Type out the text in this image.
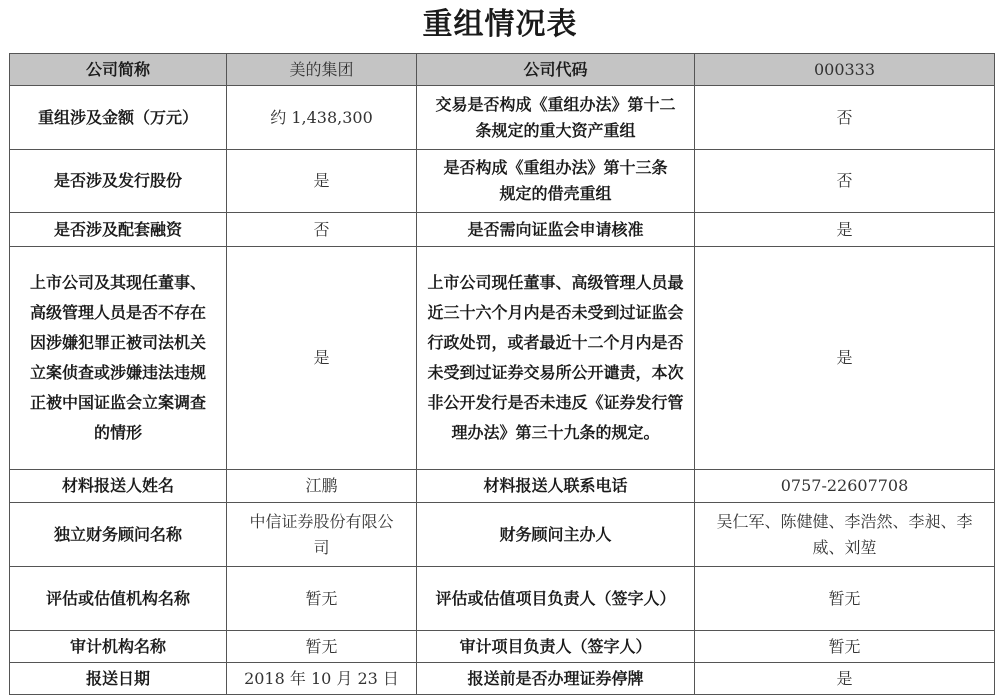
重组情况表
公司简称	美的集团	公司代码	000333
重组涉及金额（万元）	约 1,438,300	交易是否构成《重组办法》第十二条规定的重大资产重组	否
是否涉及发行股份	是	是否构成《重组办法》第十三条规定的借壳重组	否
是否涉及配套融资	否	是否需向证监会申请核准	是
上市公司及其现任董事、高级管理人员是否不存在因涉嫌犯罪正被司法机关立案侦查或涉嫌违法违规正被中国证监会立案调查的情形	是	上市公司现任董事、高级管理人员最近三十六个月内是否未受到过证监会行政处罚，或者最近十二个月内是否未受到过证券交易所公开谴责，本次非公开发行是否未违反《证券发行管理办法》第三十九条的规定。	是
材料报送人姓名	江鹏	材料报送人联系电话	0757-22607708
独立财务顾问名称	中信证券股份有限公司	财务顾问主办人	吴仁军、陈健健、李浩然、李昶、李威、刘堃
评估或估值机构名称	暂无	评估或估值项目负责人（签字人）	暂无
审计机构名称	暂无	审计项目负责人（签字人）	暂无
报送日期	2018 年 10 月 23 日	报送前是否办理证券停牌	是
